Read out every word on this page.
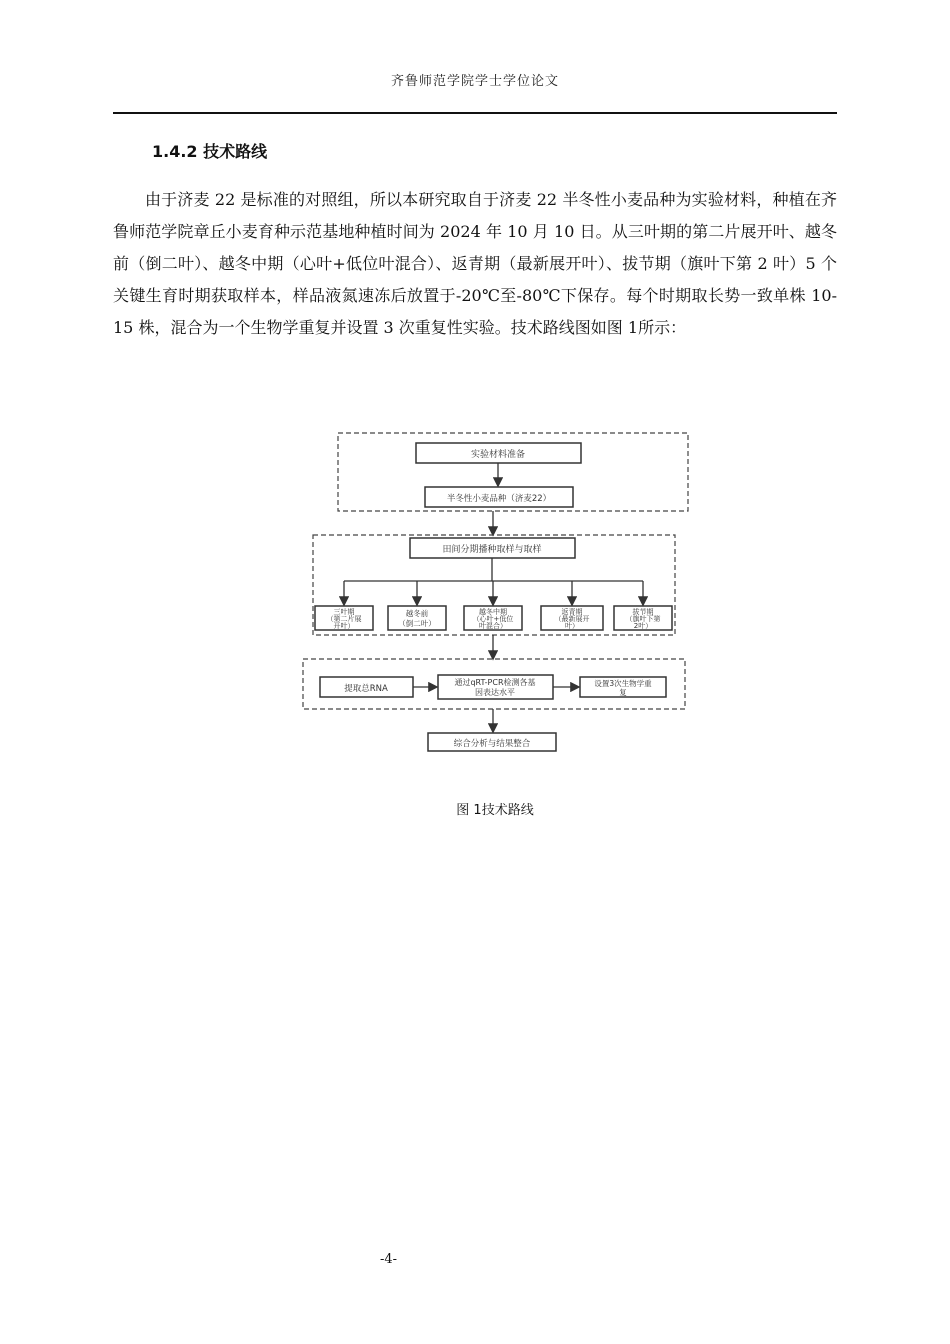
齐鲁师范学院学士学位论文
1.4.2 技术路线

由于济麦 22 是标准的对照组，所以本研究取自于济麦 22 半冬性小麦品种为实验材料，种植在齐鲁师范学院章丘小麦育种示范基地种植时间为 2024 年 10 月 10 日。从三叶期的第二片展开叶、越冬前（倒二叶）、越冬中期（心叶+低位叶混合）、返青期（最新展开叶）、拔节期（旗叶下第 2 叶）5 个关键生育时期获取样本，样品液氮速冻后放置于-20℃至-80℃下保存。每个时期取长势一致单株 10-15 株，混合为一个生物学重复并设置 3 次重复性实验。技术路线图如图 1所示：

实验材料准备
半冬性小麦品种（济麦22）
田间分期播种取样与取样
三叶期
（第二片展
开叶）
越冬前
（倒二叶）
越冬中期
（心叶+低位
叶混合）
返青期
（最新展开
叶）
拔节期
（旗叶下第
2叶）
提取总RNA
通过qRT-PCR检测各基
因表达水平
设置3次生物学重
复
综合分析与结果整合
图 1技术路线
-4-
